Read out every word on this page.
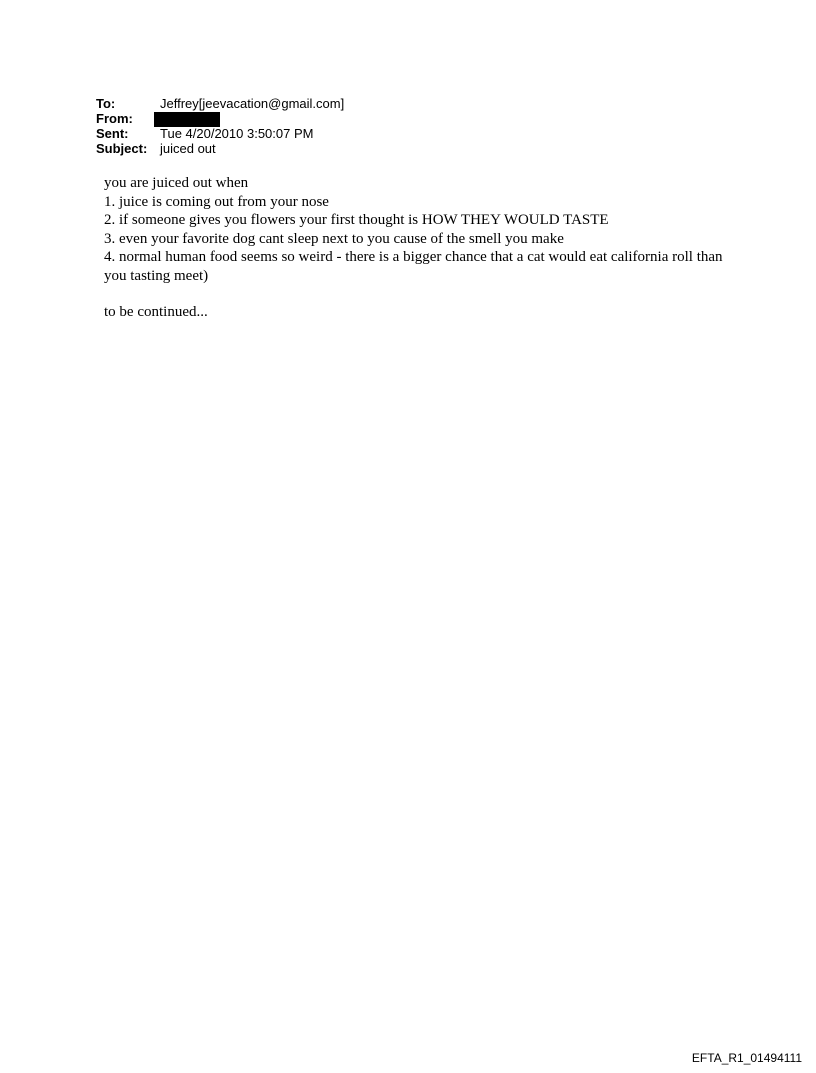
To:	Jeffrey[jeevacation@gmail.com]
From:
Sent:	Tue 4/20/2010 3:50:07 PM
Subject: juiced out

you are juiced out when

1. juice is coming out from your nose

2. if someone gives you flowers your first thought is HOW THEY WOULD TASTE

3. even your favorite dog cant sleep next to you cause of the smell you make

4. normal human food seems so weird - there is a bigger chance that a cat would eat california roll than you tasting meet)

to be continued...

EFTA_R1_01494111
